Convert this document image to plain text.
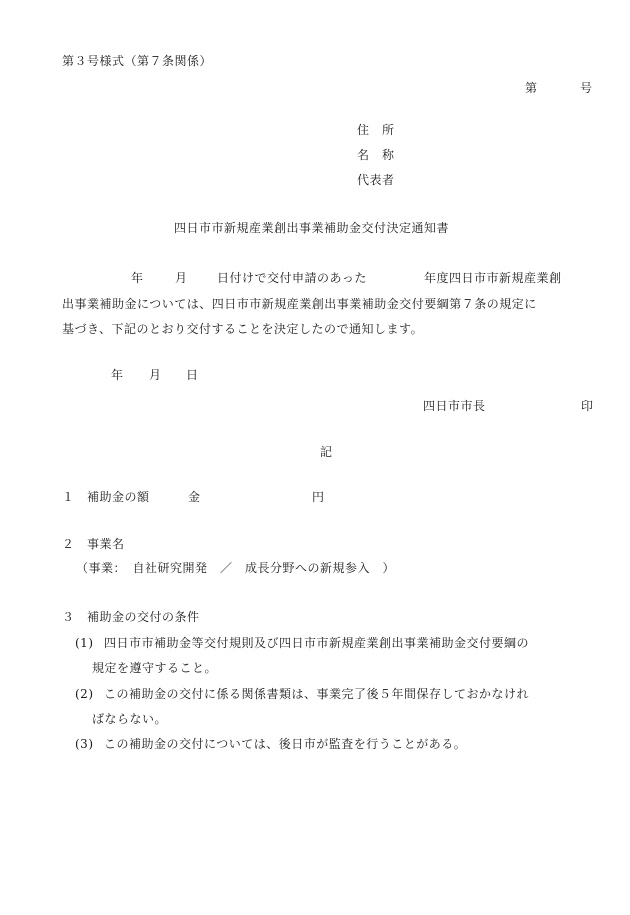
第３号様式（第７条関係）
第	号
住　所
名　称
代表者
四日市市新規産業創出事業補助金交付決定通知書
年	月 日付けで交付申請のあった	年度四日市市新規産業創
出事業補助金については、四日市市新規産業創出事業補助金交付要綱第７条の規定に
基づき、下記のとおり交付することを決定したので通知します。
年 月 日
四日市市長	印
記
１ 補助金の額	金	円
２ 事業名
（事業：　自社研究開発　／　成長分野への新規参入　）
３ 補助金の交付の条件
(1) 四日市市補助金等交付規則及び四日市市新規産業創出事業補助金交付要綱の
規定を遵守すること。
(2) この補助金の交付に係る関係書類は、事業完了後５年間保存しておかなけれ
ばならない。
(3) この補助金の交付については、後日市が監査を行うことがある。
